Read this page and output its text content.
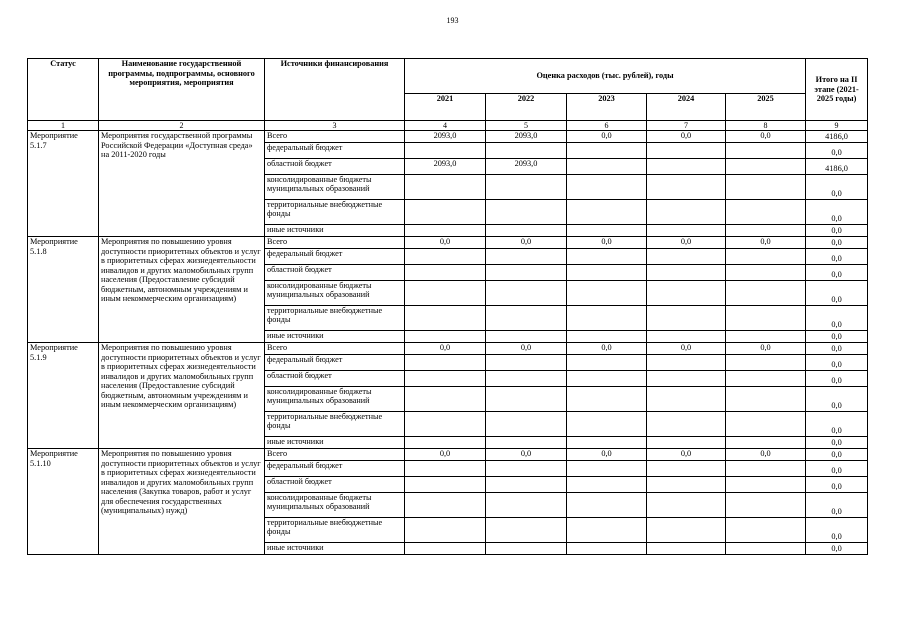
193
Статус	Наименование государственной программы, подпрограммы, основного мероприятия, мероприятия	Источники финансирования	Оценка расходов (тыс. рублей), годы					Итого на II этапе (2021-2025 годы)
			2021	2022	2023	2024	2025	
1	2	3	4	5	6	7	8	9
Мероприятие 5.1.7	Мероприятия государственной программы Российской Федерации «Доступная среда» на 2011-2020 годы	Всего	2093,0	2093,0	0,0	0,0	0,0	4186,0
		федеральный бюджет						0,0
		областной бюджет	2093,0	2093,0				4186,0
		консолидированные бюджеты муниципальных образований						0,0
		территориальные внебюджетные фонды						0,0
		иные источники						0,0
Мероприятие 5.1.8	Мероприятия по повышению уровня доступности приоритетных объектов и услуг в приоритетных сферах жизнедеятельности инвалидов и других маломобильных групп населения (Предоставление субсидий бюджетным, автономным учреждениям и иным некоммерческим организациям)	Всего	0,0	0,0	0,0	0,0	0,0	0,0
		федеральный бюджет						0,0
		областной бюджет						0,0
		консолидированные бюджеты муниципальных образований						0,0
		территориальные внебюджетные фонды						0,0
		иные источники						0,0
Мероприятие 5.1.9	Мероприятия по повышению уровня доступности приоритетных объектов и услуг в приоритетных сферах жизнедеятельности инвалидов и других маломобильных групп населения (Предоставление субсидий бюджетным, автономным учреждениям и иным некоммерческим организациям)	Всего	0,0	0,0	0,0	0,0	0,0	0,0
		федеральный бюджет						0,0
		областной бюджет						0,0
		консолидированные бюджеты муниципальных образований						0,0
		территориальные внебюджетные фонды						0,0
		иные источники						0,0
Мероприятие 5.1.10	Мероприятия по повышению уровня доступности приоритетных объектов и услуг в приоритетных сферах жизнедеятельности инвалидов и других маломобильных групп населения (Закупка товаров, работ и услуг для обеспечения государственных (муниципальных) нужд)	Всего	0,0	0,0	0,0	0,0	0,0	0,0
		федеральный бюджет						0,0
		областной бюджет						0,0
		консолидированные бюджеты муниципальных образований						0,0
		территориальные внебюджетные фонды						0,0
		иные источники						0,0
